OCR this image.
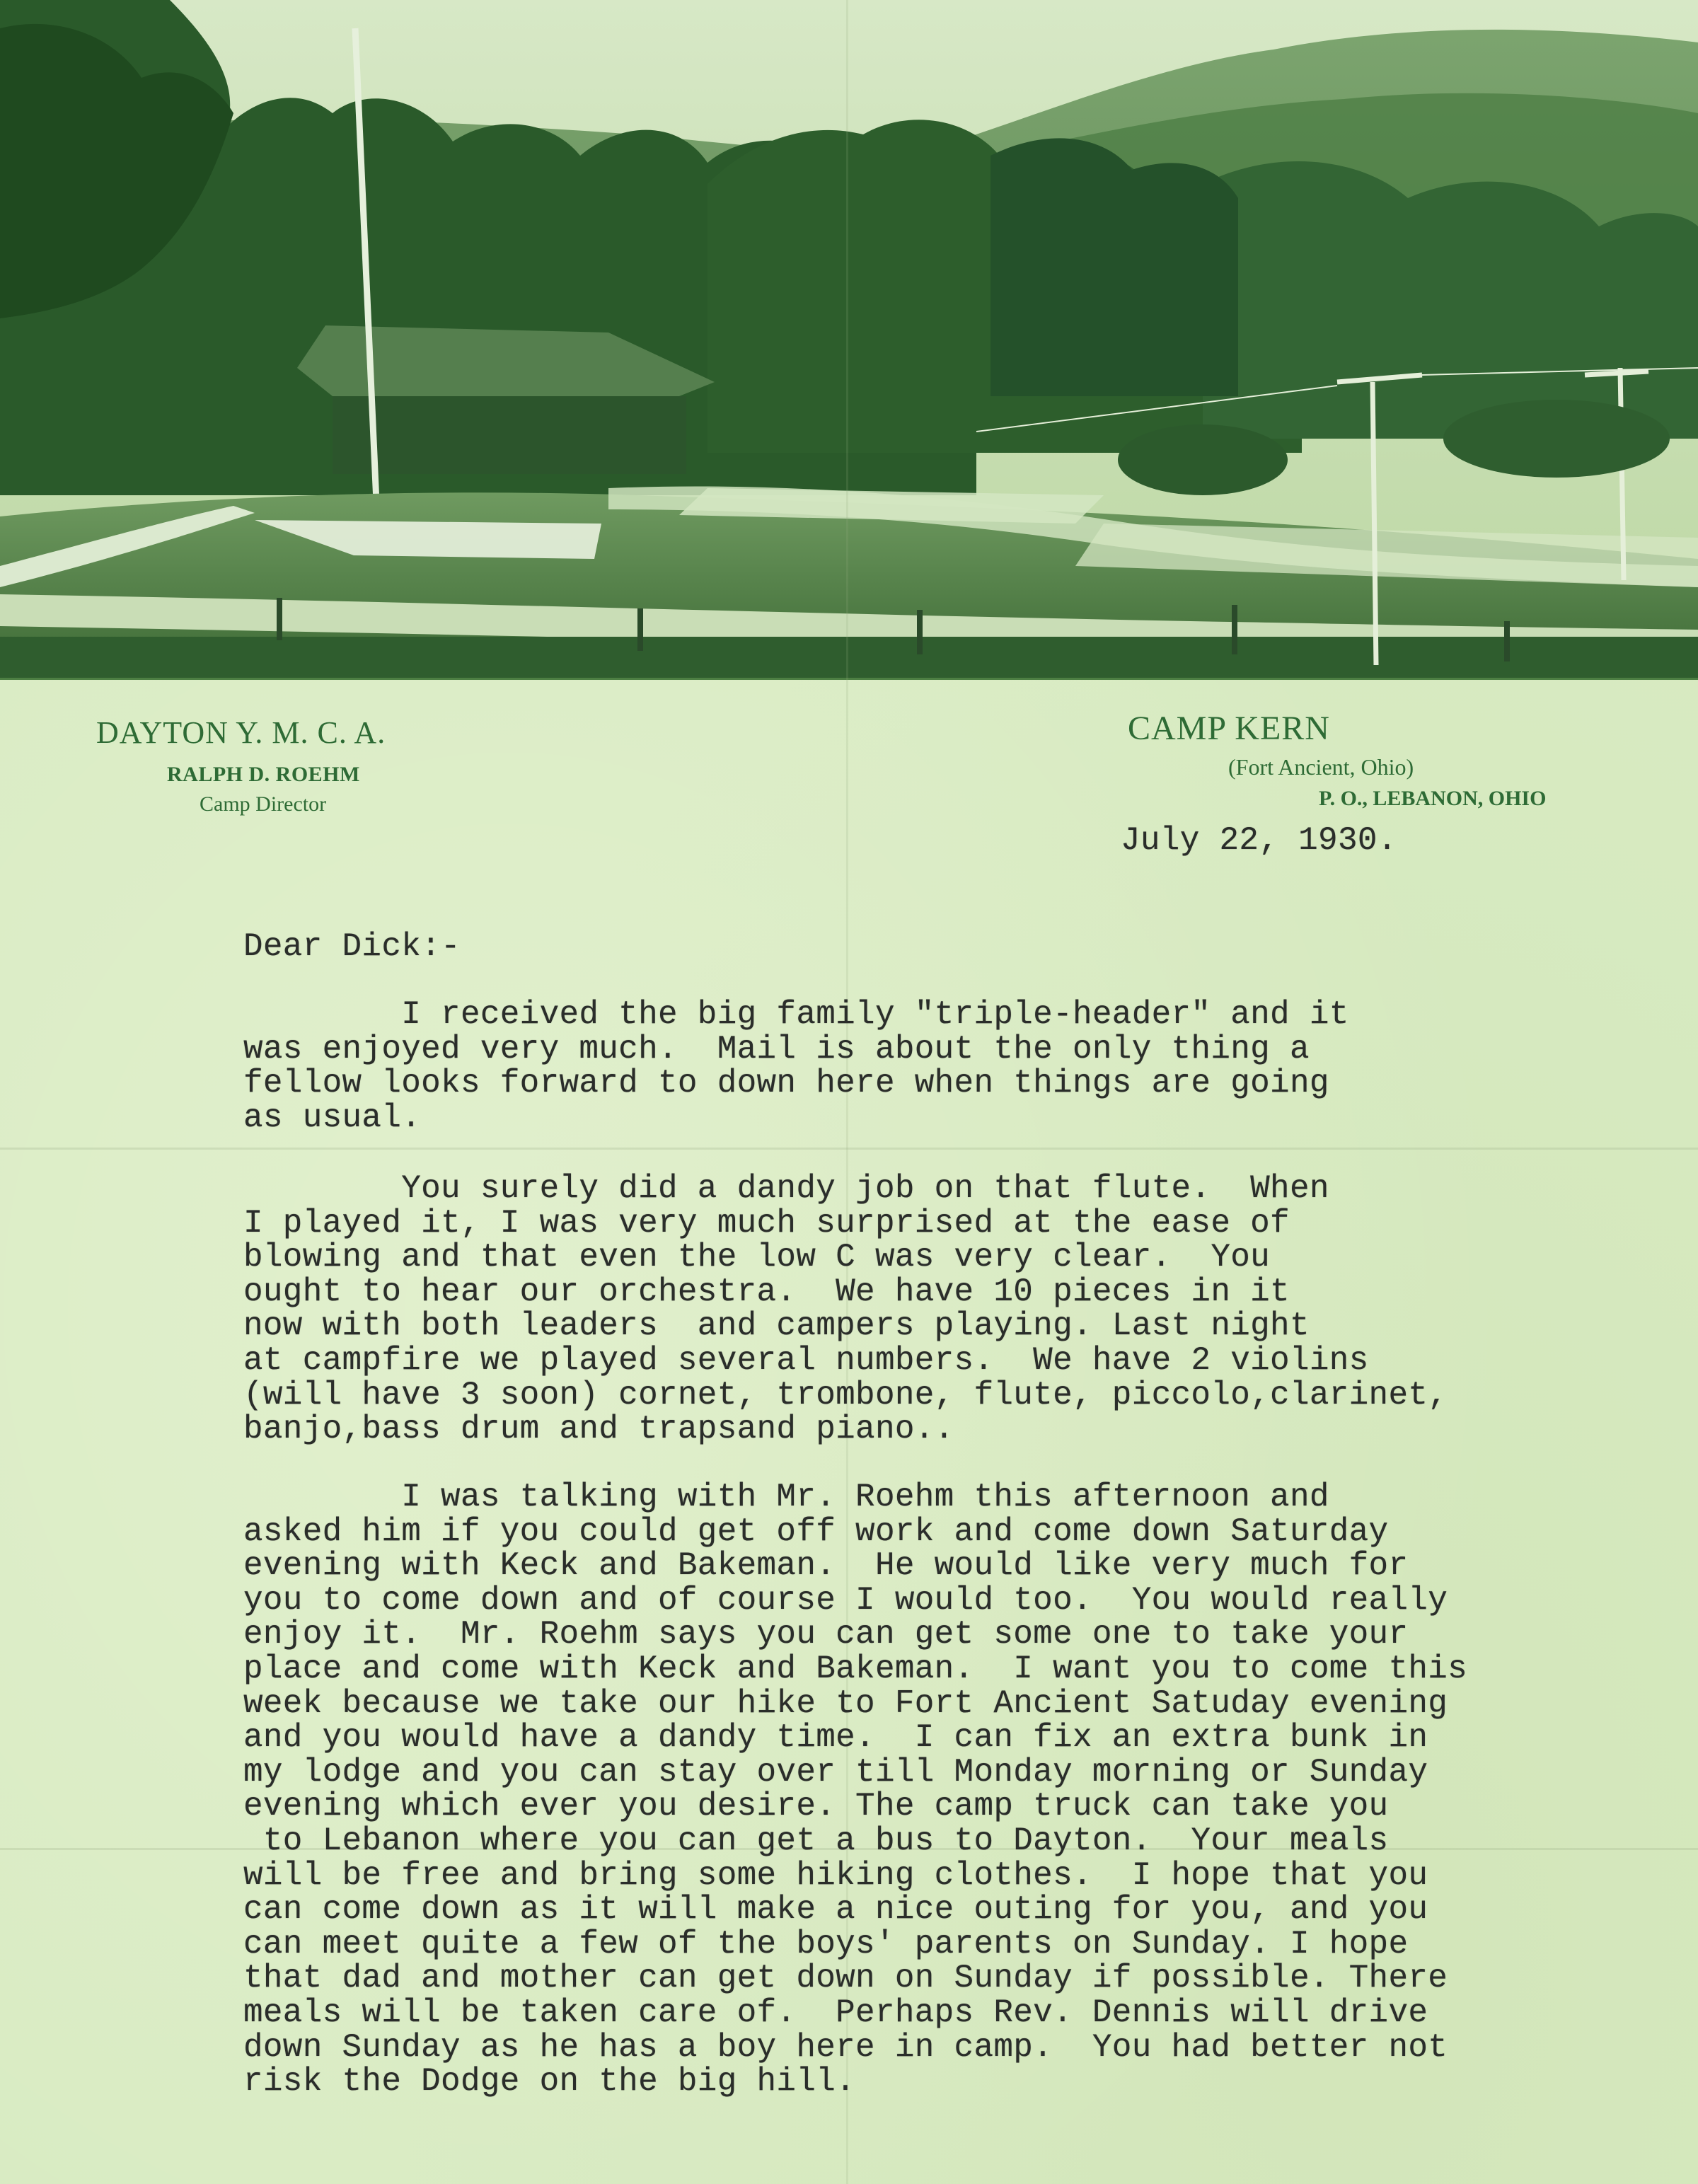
DAYTON Y. M. C. A.

RALPH D. ROEHM

Camp Director

CAMP KERN

(Fort Ancient, Ohio)

P. O., LEBANON, OHIO

July 22, 1930.

Dear Dick:-

I received the big family "triple-header" and it
was enjoyed very much.  Mail is about the only thing a
fellow looks forward to down here when things are going
as usual.

You surely did a dandy job on that flute.  When
I played it, I was very much surprised at the ease of
blowing and that even the low C was very clear.  You
ought to hear our orchestra.  We have 10 pieces in it
now with both leaders  and campers playing. Last night
at campfire we played several numbers.  We have 2 violins
(will have 3 soon) cornet, trombone, flute, piccolo,clarinet,
banjo,bass drum and trapsand piano..

I was talking with Mr. Roehm this afternoon and
asked him if you could get off work and come down Saturday
evening with Keck and Bakeman.  He would like very much for
you to come down and of course I would too.  You would really
enjoy it.  Mr. Roehm says you can get some one to take your
place and come with Keck and Bakeman.  I want you to come this
week because we take our hike to Fort Ancient Satuday evening
and you would have a dandy time.  I can fix an extra bunk in
my lodge and you can stay over till Monday morning or Sunday
evening which ever you desire. The camp truck can take you
to Lebanon where you can get a bus to Dayton.  Your meals
will be free and bring some hiking clothes.  I hope that you
can come down as it will make a nice outing for you, and you
can meet quite a few of the boys' parents on Sunday. I hope
that dad and mother can get down on Sunday if possible. There
meals will be taken care of.  Perhaps Rev. Dennis will drive
down Sunday as he has a boy here in camp.  You had better not
risk the Dodge on the big hill.
